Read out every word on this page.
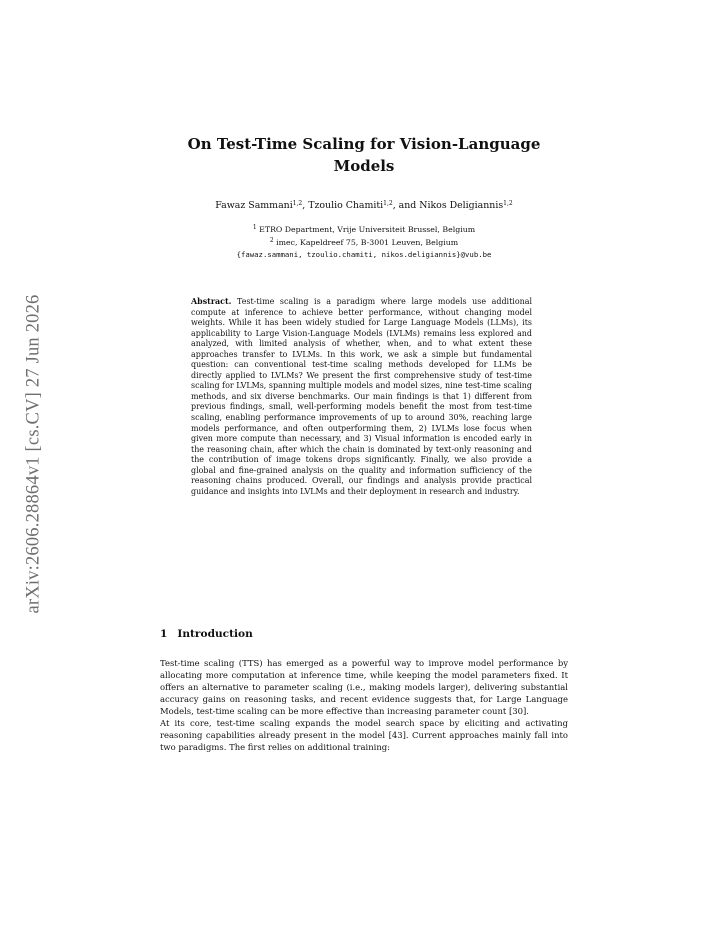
arXiv:2606.28864v1 [cs.CV] 27 Jun 2026
On Test-Time Scaling for Vision-Language Models
Fawaz Sammani$^{1,2}$, Tzoulio Chamiti$^{1,2}$, and Nikos Deligiannis$^{1,2}$
$^1$ ETRO Department, Vrije Universiteit Brussel, Belgium
$^2$ imec, Kapeldreef 75, B-3001 Leuven, Belgium
{fawaz.sammani, tzoulio.chamiti, nikos.deligiannis}@vub.be
Abstract. Test-time scaling is a paradigm where large models use additional compute at inference to achieve better performance, without changing model weights. While it has been widely studied for Large Language Models (LLMs), its applicability to Large Vision-Language Models (LVLMs) remains less explored and analyzed, with limited analysis of whether, when, and to what extent these approaches transfer to LVLMs. In this work, we ask a simple but fundamental question: can conventional test-time scaling methods developed for LLMs be directly applied to LVLMs? We present the first comprehensive study of test-time scaling for LVLMs, spanning multiple models and model sizes, nine test-time scaling methods, and six diverse benchmarks. Our main findings is that 1) different from previous findings, small, well-performing models benefit the most from test-time scaling, enabling performance improvements of up to around 30%, reaching large models performance, and often outperforming them, 2) LVLMs lose focus when given more compute than necessary, and 3) Visual information is encoded early in the reasoning chain, after which the chain is dominated by text-only reasoning and the contribution of image tokens drops significantly. Finally, we also provide a global and fine-grained analysis on the quality and information sufficiency of the reasoning chains produced. Overall, our findings and analysis provide practical guidance and insights into LVLMs and their deployment in research and industry.
1 Introduction

Test-time scaling (TTS) has emerged as a powerful way to improve model performance by allocating more computation at inference time, while keeping the model parameters fixed. It offers an alternative to parameter scaling (i.e., making models larger), delivering substantial accuracy gains on reasoning tasks, and recent evidence suggests that, for Large Language Models, test-time scaling can be more effective than increasing parameter count [30].

At its core, test-time scaling expands the model search space by eliciting and activating reasoning capabilities already present in the model [43]. Current approaches mainly fall into two paradigms. The first relies on additional training:
